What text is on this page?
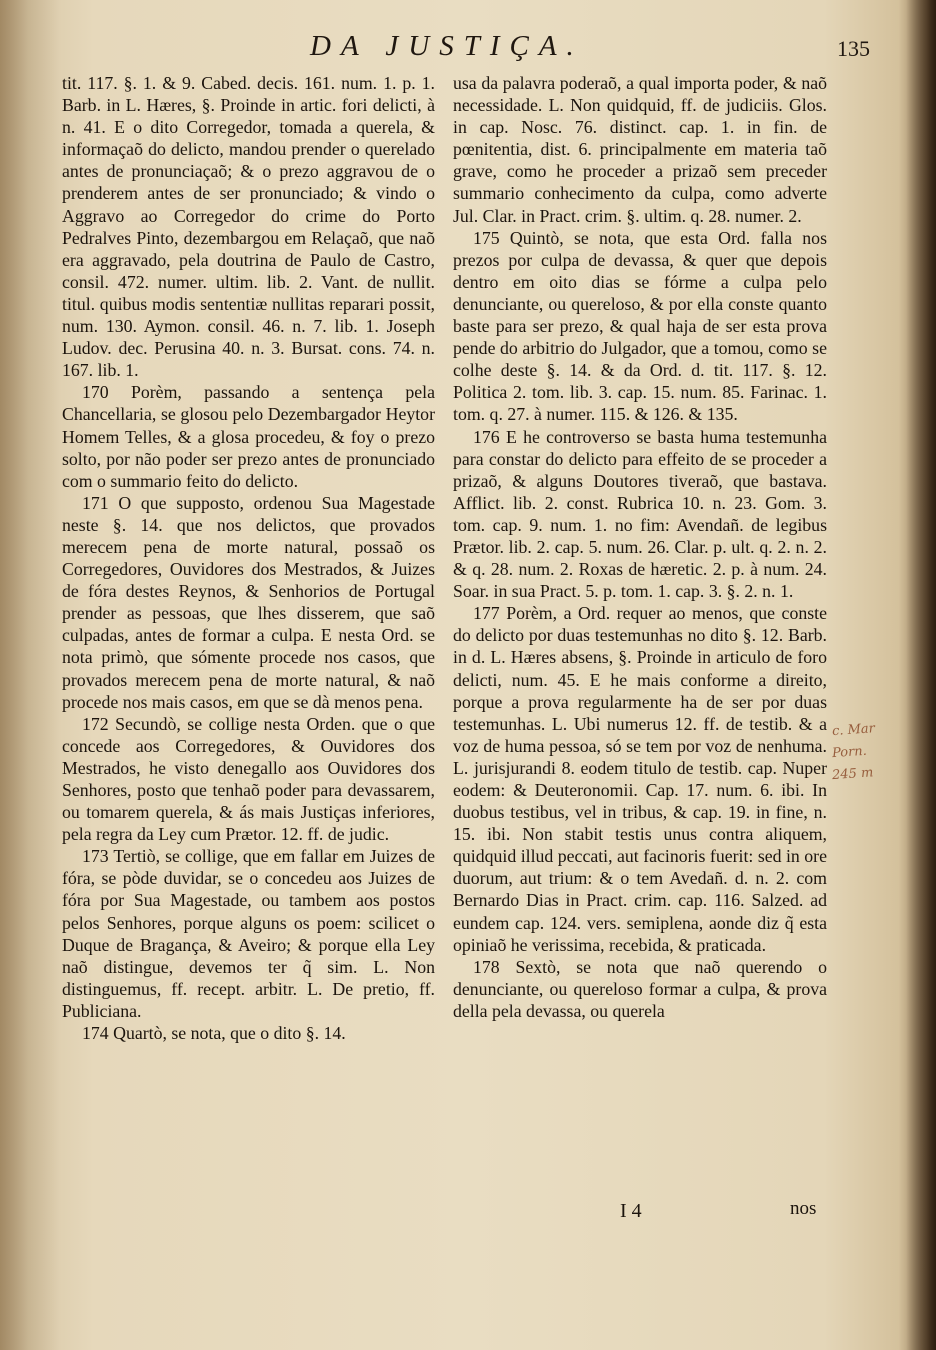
DA JUSTIÇA.	135

tit. 117. §. 1. & 9. Cabed. decis. 161. num. 1. p. 1. Barb. in L. Hæres, §. Proinde in artic. fori delicti, à n. 41. E o dito Corregedor, tomada a querela, & informaçaõ do delicto, mandou prender o querelado antes de pronunciaçaõ; & o prezo aggravou de o prenderem antes de ser pronunciado; & vindo o Aggravo ao Corregedor do crime do Porto Pedralves Pinto, dezembargou em Relaçaõ, que naõ era aggravado, pela doutrina de Paulo de Castro, consil. 472. numer. ultim. lib. 2. Vant. de nullit. titul. quibus modis sententiæ nullitas reparari possit, num. 130. Aymon. consil. 46. n. 7. lib. 1. Joseph Ludov. dec. Perusina 40. n. 3. Bursat. cons. 74. n. 167. lib. 1.

170 Porèm, passando a sentença pela Chancellaria, se glosou pelo Dezembargador Heytor Homem Telles, & a glosa procedeu, & foy o prezo solto, por não poder ser prezo antes de pronunciado com o summario feito do delicto.

171 O que supposto, ordenou Sua Magestade neste §. 14. que nos delictos, que provados merecem pena de morte natural, possaõ os Corregedores, Ouvidores dos Mestrados, & Juizes de fóra destes Reynos, & Senhorios de Portugal prender as pessoas, que lhes disserem, que saõ culpadas, antes de formar a culpa. E nesta Ord. se nota primò, que sómente procede nos casos, que provados merecem pena de morte natural, & naõ procede nos mais casos, em que se dà menos pena.

172 Secundò, se collige nesta Orden. que o que concede aos Corregedores, & Ouvidores dos Mestrados, he visto denegallo aos Ouvidores dos Senhores, posto que tenhaõ poder para devassarem, ou tomarem querela, & ás mais Justiças inferiores, pela regra da Ley cum Prætor. 12. ff. de judic.

173 Tertiò, se collige, que em fallar em Juizes de fóra, se pòde duvidar, se o concedeu aos Juizes de fóra por Sua Magestade, ou tambem aos postos pelos Senhores, porque alguns os poem: scilicet o Duque de Bragança, & Aveiro; & porque ella Ley naõ distingue, devemos ter q̃ sim. L. Non distinguemus, ff. recept. arbitr. L. De pretio, ff. Publiciana.

174 Quartò, se nota, que o dito §. 14.

usa da palavra poderaõ, a qual importa poder, & naõ necessidade. L. Non quidquid, ff. de judiciis. Glos. in cap. Nosc. 76. distinct. cap. 1. in fin. de pœnitentia, dist. 6. principalmente em materia taõ grave, como he proceder a prizaõ sem preceder summario conhecimento da culpa, como adverte Jul. Clar. in Pract. crim. §. ultim. q. 28. numer. 2.

175 Quintò, se nota, que esta Ord. falla nos prezos por culpa de devassa, & quer que depois dentro em oito dias se fórme a culpa pelo denunciante, ou querelosо, & por ella conste quanto baste para ser prezo, & qual haja de ser esta prova pende do arbitrio do Julgador, que a tomou, como se colhe deste §. 14. & da Ord. d. tit. 117. §. 12. Politica 2. tom. lib. 3. cap. 15. num. 85. Farinac. 1. tom. q. 27. à numer. 115. & 126. & 135.

176 E he controverso se basta huma testemunha para constar do delicto para effeito de se proceder a prizaõ, & alguns Doutores tiveraõ, que bastava. Afflict. lib. 2. const. Rubrica 10. n. 23. Gom. 3. tom. cap. 9. num. 1. no fim: Avendañ. de legibus Prætor. lib. 2. cap. 5. num. 26. Clar. p. ult. q. 2. n. 2. & q. 28. num. 2. Roxas de hæretic. 2. p. à num. 24. Soar. in sua Pract. 5. p. tom. 1. cap. 3. §. 2. n. 1.

177 Porèm, a Ord. requer ao menos, que conste do delicto por duas testemunhas no dito §. 12. Barb. in d. L. Hæres absens, §. Proinde in articulo de foro delicti, num. 45. E he mais conforme a direito, porque a prova regularmente ha de ser por duas testemunhas. L. Ubi numerus 12. ff. de testib. & a voz de huma pessoa, só se tem por voz de nenhuma. L. jurisjurandi 8. eodem titulo de testib. cap. Nuper eodem: & Deuteronomii. Cap. 17. num. 6. ibi. In duobus testibus, vel in tribus, & cap. 19. in fine, n. 15. ibi. Non stabit testis unus contra aliquem, quidquid illud peccati, aut facinoris fuerit: sed in ore duorum, aut trium: & o tem Avedañ. d. n. 2. com Bernardo Dias in Pract. crim. cap. 116. Salzed. ad eundem cap. 124. vers. semiplena, aonde diz q̃ esta opiniaõ he verissima, recebida, & praticada.

178 Sextò, se nota que naõ querendo o denunciante, ou querelosо formar a culpa, & prova della pela devassa, ou querela

c. Mar
Porn.
245 m
I 4	nos
